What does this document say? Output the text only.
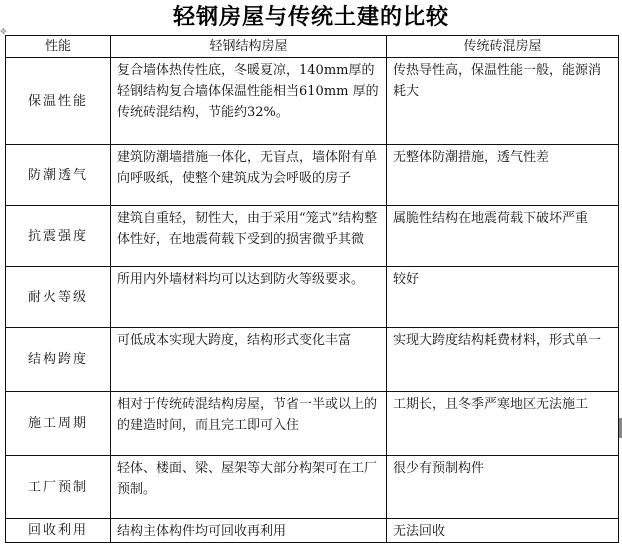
轻钢房屋与传统土建的比较
✥
性能	轻钢结构房屋	传统砖混房屋
保温性能	复合墙体热传性底，冬暖夏凉，140mm厚的轻钢结构复合墙体保温性能相当610mm 厚的传统砖混结构，节能约32%。	传热导性高，保温性能一般，能源消耗大
防潮透气	建筑防潮墙措施一体化，无盲点，墙体附有单向呼吸纸，使整个建筑成为会呼吸的房子	无整体防潮措施，透气性差
抗震强度	建筑自重轻，韧性大，由于采用“笼式”结构整体性好，在地震荷载下受到的损害微乎其微	属脆性结构在地震荷载下破坏严重
耐火等级	所用内外墙材料均可以达到防火等级要求。	较好
结构跨度	可低成本实现大跨度，结构形式变化丰富	实现大跨度结构耗费材料，形式单一
施工周期	相对于传统砖混结构房屋，节省一半或以上的的建造时间，而且完工即可入住	工期长，且冬季严寒地区无法施工
工厂预制	轻体、楼面、梁、屋架等大部分构架可在工厂预制。	很少有预制构件
回收利用	结构主体构件均可回收再利用	无法回收
